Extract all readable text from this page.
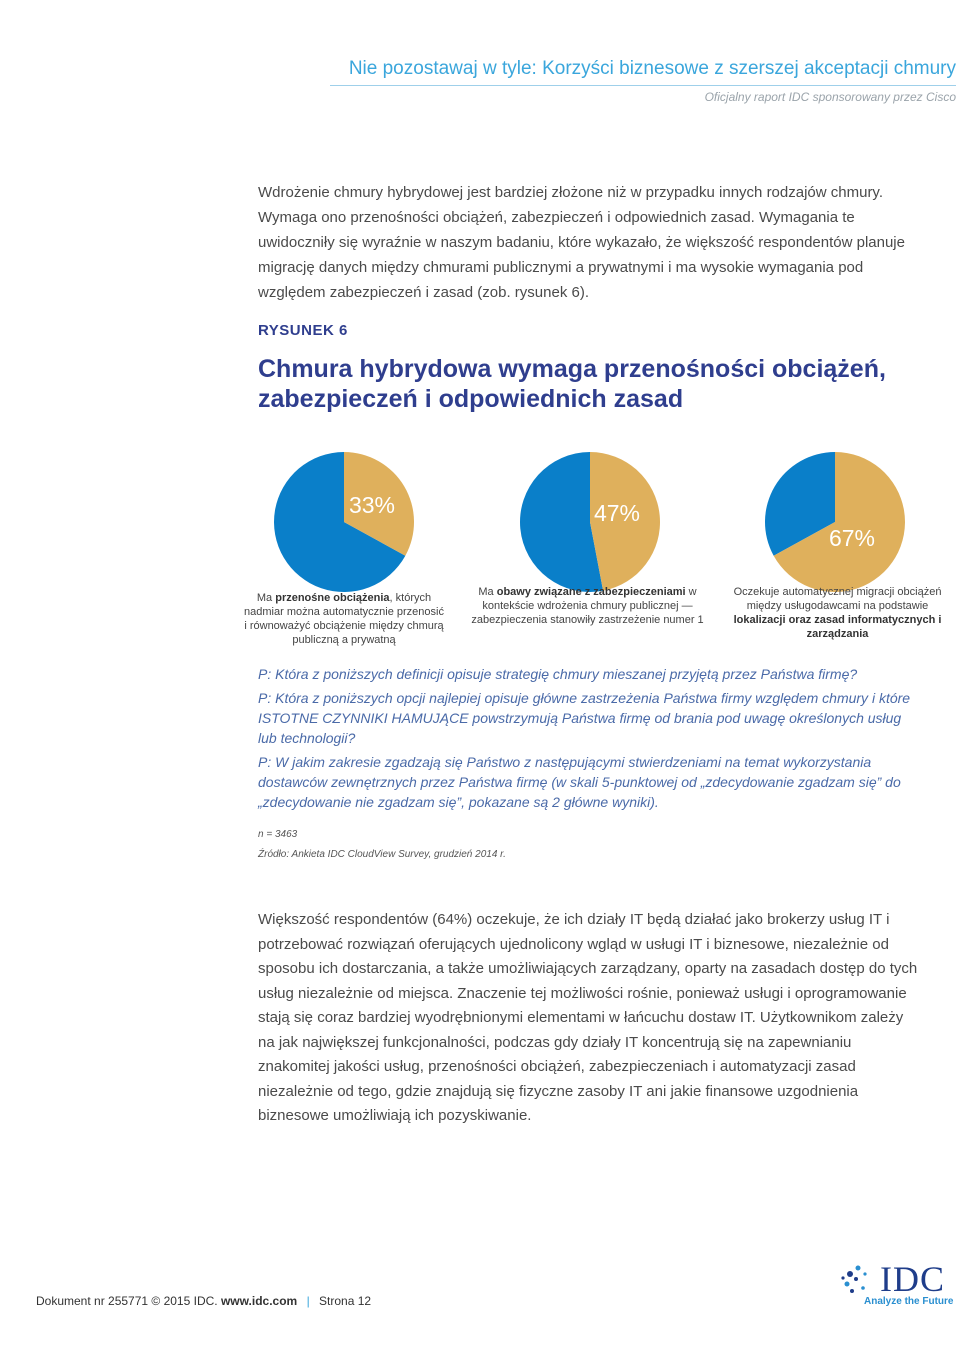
Nie pozostawaj w tyle: Korzyści biznesowe z szerszej akceptacji chmury
Oficjalny raport IDC sponsorowany przez Cisco

Wdrożenie chmury hybrydowej jest bardziej złożone niż w przypadku innych rodzajów chmury. Wymaga ono przenośności obciążeń, zabezpieczeń i odpowiednich zasad. Wymagania te uwidoczniły się wyraźnie w naszym badaniu, które wykazało, że większość respondentów planuje migrację danych między chmurami publicznymi a prywatnymi i ma wysokie wymagania pod względem zabezpieczeń i zasad (zob. rysunek 6).

RYSUNEK 6
Chmura hybrydowa wymaga przenośności obciążeń,
zabezpieczeń i odpowiednich zasad
33%
Ma przenośne obciążenia, których nadmiar można automatycznie przenosić i równoważyć obciążenie między chmurą publiczną a prywatną
47%
Ma obawy związane z zabezpieczeniami w kontekście wdrożenia chmury publicznej — zabezpieczenia stanowiły zastrzeżenie numer 1
67%
Oczekuje automatycznej migracji obciążeń między usługodawcami na podstawie lokalizacji oraz zasad informatycznych i zarządzania

P: Która z poniższych definicji opisuje strategię chmury mieszanej przyjętą przez Państwa firmę?

P: Która z poniższych opcji najlepiej opisuje główne zastrzeżenia Państwa firmy względem chmury i które ISTOTNE CZYNNIKI HAMUJĄCE powstrzymują Państwa firmę od brania pod uwagę określonych usług lub technologii?

P: W jakim zakresie zgadzają się Państwo z następującymi stwierdzeniami na temat wykorzystania dostawców zewnętrznych przez Państwa firmę (w skali 5-punktowej od „zdecydowanie zgadzam się” do „zdecydowanie nie zgadzam się”, pokazane są 2 główne wyniki).

n = 3463
Źródło: Ankieta IDC CloudView Survey, grudzień 2014 r.

Większość respondentów (64%) oczekuje, że ich działy IT będą działać jako brokerzy usług IT i potrzebować rozwiązań oferujących ujednolicony wgląd w usługi IT i biznesowe, niezależnie od sposobu ich dostarczania, a także umożliwiających zarządzany, oparty na zasadach dostęp do tych usług niezależnie od miejsca. Znaczenie tej możliwości rośnie, ponieważ usługi i oprogramowanie stają się coraz bardziej wyodrębnionymi elementami w łańcuchu dostaw IT. Użytkownikom zależy na jak największej funkcjonalności, podczas gdy działy IT koncentrują się na zapewnianiu znakomitej jakości usług, przenośności obciążeń, zabezpieczeniach i automatyzacji zasad niezależnie od tego, gdzie znajdują się fizyczne zasoby IT ani jakie finansowe uzgodnienia biznesowe umożliwiają ich pozyskiwanie.

Dokument nr 255771 © 2015 IDC. www.idc.com | Strona 12
IDC
Analyze the Future
